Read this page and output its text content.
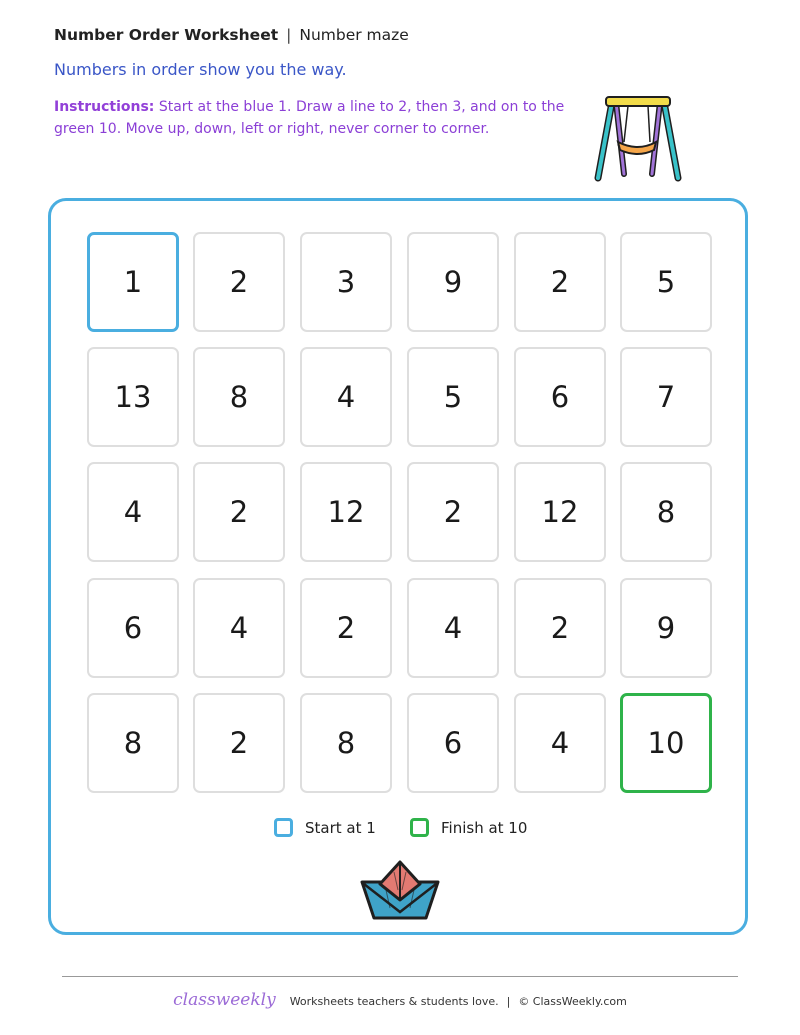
Number Order Worksheet | Number maze
Numbers in order show you the way.
Instructions: Start at the blue 1. Draw a line to 2, then 3, and on to the green 10. Move up, down, left or right, never corner to corner.
1	2	3	9	2	5
13	8	4	5	6	7
4	2	12	2	12	8
6	4	2	4	2	9
8	2	8	6	4	10
Start at 1	Finish at 10
classweekly Worksheets teachers & students love. | © ClassWeekly.com
